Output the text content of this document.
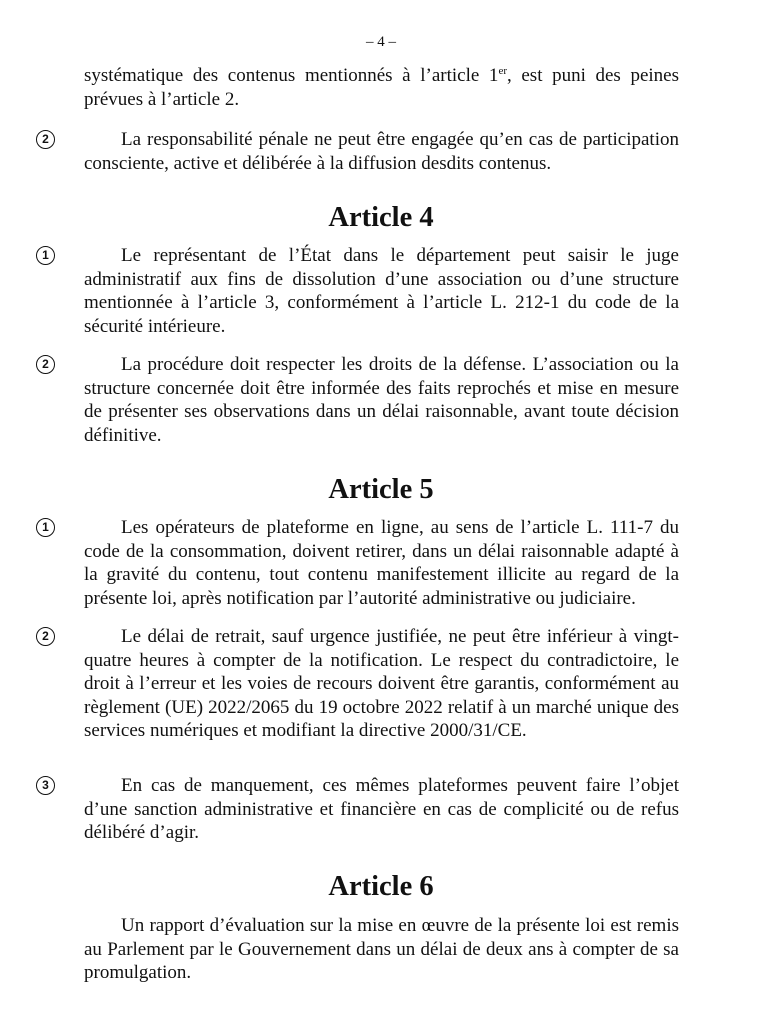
– 4 –

systématique des contenus mentionnés à l’article 1er, est puni des peines prévues à l’article 2.

2	La responsabilité pénale ne peut être engagée qu’en cas de participation consciente, active et délibérée à la diffusion desdits contenus.

Article 4
1	Le représentant de l’État dans le département peut saisir le juge administratif aux fins de dissolution d’une association ou d’une structure mentionnée à l’article 3, conformément à l’article L. 212-1 du code de la sécurité intérieure.

2	La procédure doit respecter les droits de la défense. L’association ou la structure concernée doit être informée des faits reprochés et mise en mesure de présenter ses observations dans un délai raisonnable, avant toute décision définitive.

Article 5
1	Les opérateurs de plateforme en ligne, au sens de l’article L. 111-7 du code de la consommation, doivent retirer, dans un délai raisonnable adapté à la gravité du contenu, tout contenu manifestement illicite au regard de la présente loi, après notification par l’autorité administrative ou judiciaire.

2	Le délai de retrait, sauf urgence justifiée, ne peut être inférieur à vingt-quatre heures à compter de la notification. Le respect du contradictoire, le droit à l’erreur et les voies de recours doivent être garantis, conformément au règlement (UE) 2022/2065 du 19 octobre 2022 relatif à un marché unique des services numériques et modifiant la directive 2000/31/CE.

3	En cas de manquement, ces mêmes plateformes peuvent faire l’objet d’une sanction administrative et financière en cas de complicité ou de refus délibéré d’agir.

Article 6

Un rapport d’évaluation sur la mise en œuvre de la présente loi est remis au Parlement par le Gouvernement dans un délai de deux ans à compter de sa promulgation.
